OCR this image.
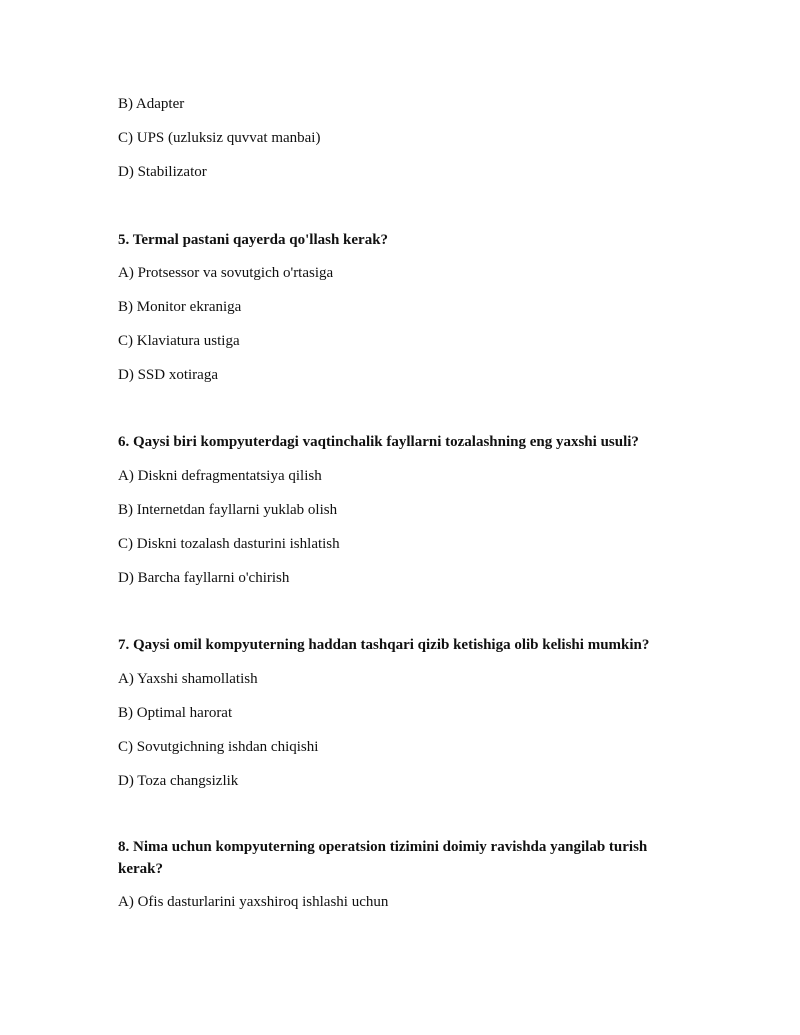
B) Adapter
C) UPS (uzluksiz quvvat manbai)
D) Stabilizator
5. Termal pastani qayerda qo'llash kerak?
A) Protsessor va sovutgich o'rtasiga
B) Monitor ekraniga
C) Klaviatura ustiga
D) SSD xotiraga
6. Qaysi biri kompyuterdagi vaqtinchalik fayllarni tozalashning eng yaxshi usuli?
A) Diskni defragmentatsiya qilish
B) Internetdan fayllarni yuklab olish
C) Diskni tozalash dasturini ishlatish
D) Barcha fayllarni o'chirish
7. Qaysi omil kompyuterning haddan tashqari qizib ketishiga olib kelishi mumkin?
A) Yaxshi shamollatish
B) Optimal harorat
C) Sovutgichning ishdan chiqishi
D) Toza changsizlik
8. Nima uchun kompyuterning operatsion tizimini doimiy ravishda yangilab turish kerak?
A) Ofis dasturlarini yaxshiroq ishlashi uchun
